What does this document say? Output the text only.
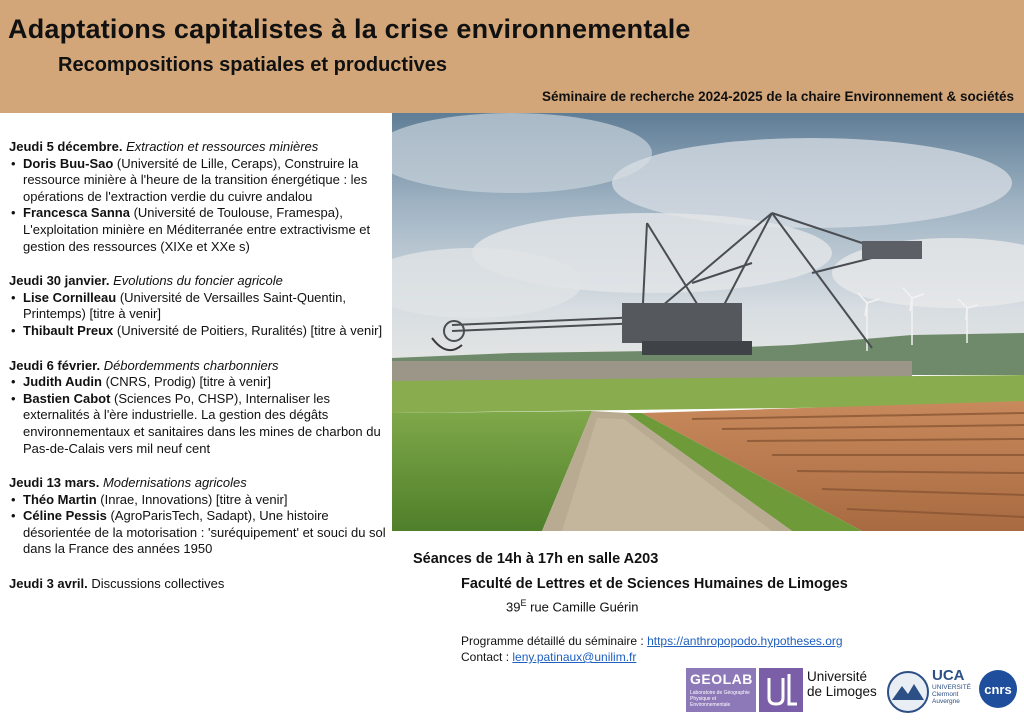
Adaptations capitalistes à la crise environnementale
Recompositions spatiales et productives
Séminaire de recherche 2024-2025 de la chaire Environnement & sociétés
Jeudi 5 décembre. Extraction et ressources minières
• Doris Buu-Sao (Université de Lille, Ceraps), Construire la ressource minière à l'heure de la transition énergétique : les opérations de l'extraction verdie du cuivre andalou
• Francesca Sanna (Université de Toulouse, Framespa), L'exploitation minière en Méditerranée entre extractivisme et gestion des ressources (XIXe et XXe s)
Jeudi 30 janvier. Evolutions du foncier agricole
• Lise Cornilleau (Université de Versailles Saint-Quentin, Printemps) [titre à venir]
• Thibault Preux (Université de Poitiers, Ruralités) [titre à venir]
Jeudi 6 février. Débordemments charbonniers
• Judith Audin (CNRS, Prodig) [titre à venir]
• Bastien Cabot (Sciences Po, CHSP), Internaliser les externalités à l'ère industrielle. La gestion des dégâts environnementaux et sanitaires dans les mines de charbon du Pas-de-Calais vers mil neuf cent
Jeudi 13 mars. Modernisations agricoles
• Théo Martin (Inrae, Innovations) [titre à venir]
• Céline Pessis (AgroParisTech, Sadapt), Une histoire désorientée de la motorisation : 'suréquipement' et souci du sol dans la France des années 1950
Jeudi 3 avril. Discussions collectives
Séances de 14h à 17h en salle A203
Faculté de Lettres et de Sciences Humaines de Limoges
$39^E$ rue Camille Guérin
Programme détaillé du séminaire : https://anthropopodo.hypotheses.org
Contact : leny.patinaux@unilim.fr
GEOLAB
Laboratoire de Géographie Physique et Environnementale
Université
de Limoges
UCA
UNIVERSITÉ Clermont Auvergne
cnrs
